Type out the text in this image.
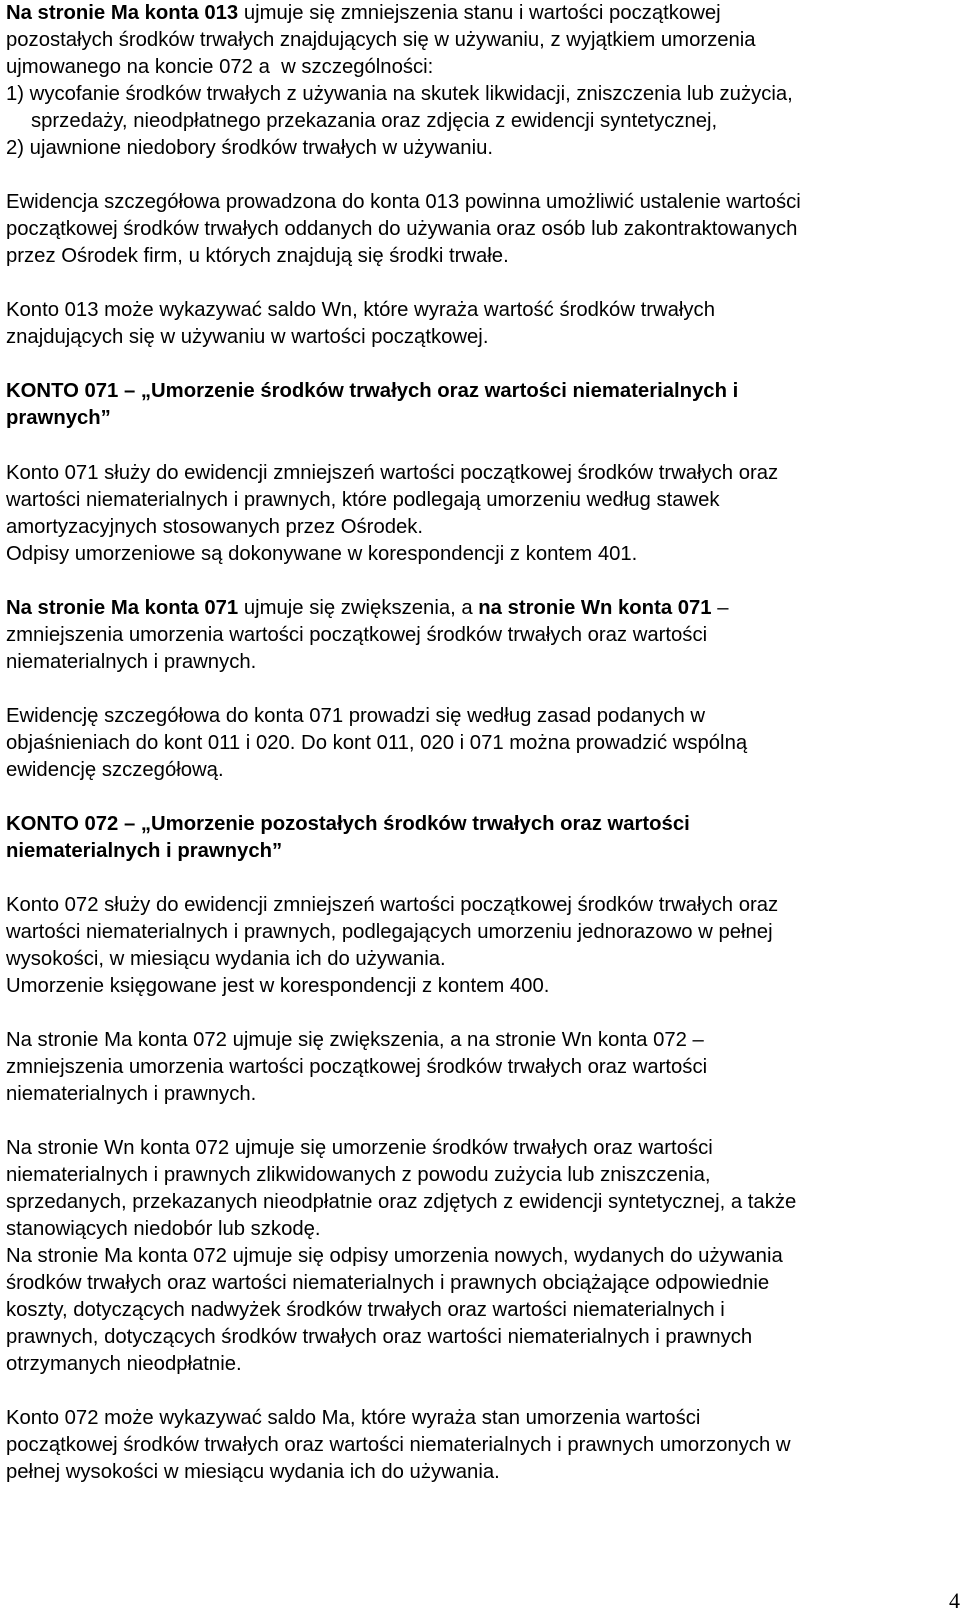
Na stronie Ma konta 013 ujmuje się zmniejszenia stanu i wartości początkowej
pozostałych środków trwałych znajdujących się w używaniu, z wyjątkiem umorzenia
ujmowanego na koncie 072 a  w szczególności:
1) wycofanie środków trwałych z używania na skutek likwidacji, zniszczenia lub zużycia,
sprzedaży, nieodpłatnego przekazania oraz zdjęcia z ewidencji syntetycznej,
2) ujawnione niedobory środków trwałych w używaniu.
Ewidencja szczegółowa prowadzona do konta 013 powinna umożliwić ustalenie wartości
początkowej środków trwałych oddanych do używania oraz osób lub zakontraktowanych
przez Ośrodek firm, u których znajdują się środki trwałe.
Konto 013 może wykazywać saldo Wn, które wyraża wartość środków trwałych
znajdujących się w używaniu w wartości początkowej.
KONTO 071 – „Umorzenie środków trwałych oraz wartości niematerialnych i
prawnych”
Konto 071 służy do ewidencji zmniejszeń wartości początkowej środków trwałych oraz
wartości niematerialnych i prawnych, które podlegają umorzeniu według stawek
amortyzacyjnych stosowanych przez Ośrodek.
Odpisy umorzeniowe są dokonywane w korespondencji z kontem 401.
Na stronie Ma konta 071 ujmuje się zwiększenia, a na stronie Wn konta 071 –
zmniejszenia umorzenia wartości początkowej środków trwałych oraz wartości
niematerialnych i prawnych.
Ewidencję szczegółowa do konta 071 prowadzi się według zasad podanych w
objaśnieniach do kont 011 i 020. Do kont 011, 020 i 071 można prowadzić wspólną
ewidencję szczegółową.
KONTO 072 – „Umorzenie pozostałych środków trwałych oraz wartości
niematerialnych i prawnych”
Konto 072 służy do ewidencji zmniejszeń wartości początkowej środków trwałych oraz
wartości niematerialnych i prawnych, podlegających umorzeniu jednorazowo w pełnej
wysokości, w miesiącu wydania ich do używania.
Umorzenie księgowane jest w korespondencji z kontem 400.
Na stronie Ma konta 072 ujmuje się zwiększenia, a na stronie Wn konta 072 –
zmniejszenia umorzenia wartości początkowej środków trwałych oraz wartości
niematerialnych i prawnych.
Na stronie Wn konta 072 ujmuje się umorzenie środków trwałych oraz wartości
niematerialnych i prawnych zlikwidowanych z powodu zużycia lub zniszczenia,
sprzedanych, przekazanych nieodpłatnie oraz zdjętych z ewidencji syntetycznej, a także
stanowiących niedobór lub szkodę.
Na stronie Ma konta 072 ujmuje się odpisy umorzenia nowych, wydanych do używania
środków trwałych oraz wartości niematerialnych i prawnych obciążające odpowiednie
koszty, dotyczących nadwyżek środków trwałych oraz wartości niematerialnych i
prawnych, dotyczących środków trwałych oraz wartości niematerialnych i prawnych
otrzymanych nieodpłatnie.
Konto 072 może wykazywać saldo Ma, które wyraża stan umorzenia wartości
początkowej środków trwałych oraz wartości niematerialnych i prawnych umorzonych w
pełnej wysokości w miesiącu wydania ich do używania.
4
